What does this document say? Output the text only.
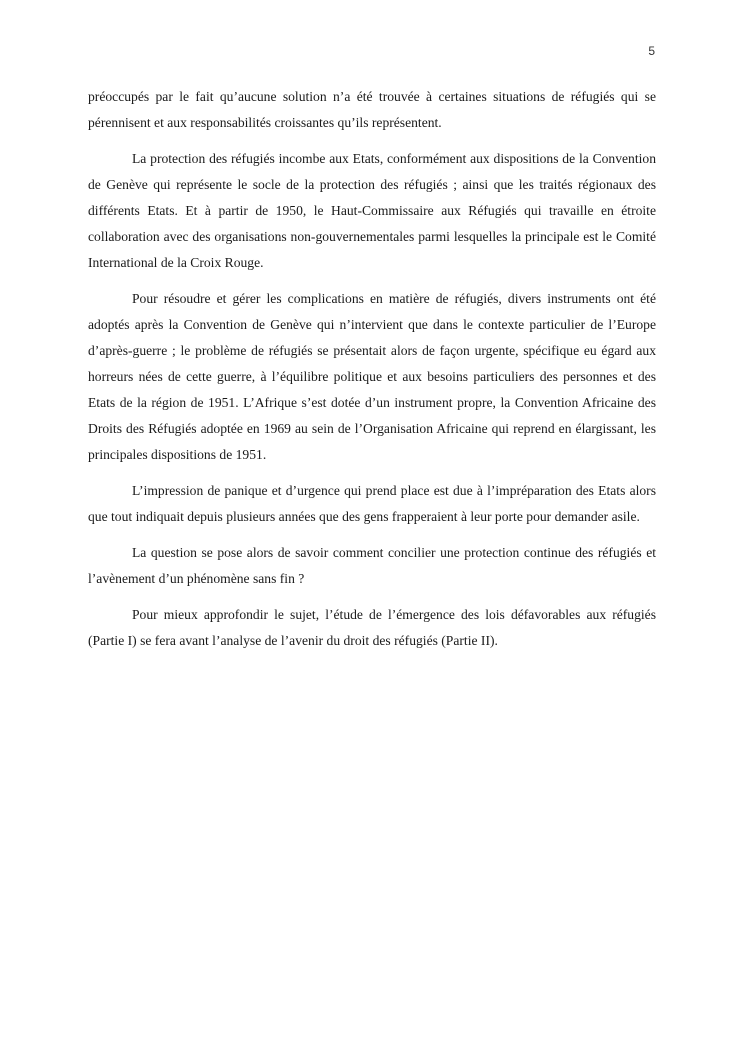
5

préoccupés par le fait qu’aucune solution n’a été trouvée à certaines situations de réfugiés qui se pérennisent et aux responsabilités croissantes qu’ils représentent.

La protection des réfugiés incombe aux Etats, conformément aux dispositions de la Convention de Genève qui représente le socle de la protection des réfugiés ; ainsi que les traités régionaux des différents Etats. Et à partir de 1950, le Haut-Commissaire aux Réfugiés qui travaille en étroite collaboration avec des organisations non-gouvernementales parmi lesquelles la principale est le Comité International de la Croix Rouge.

Pour résoudre et gérer les complications en matière de réfugiés, divers instruments ont été adoptés après la Convention de Genève qui n’intervient que dans le contexte particulier de l’Europe d’après-guerre ; le problème de réfugiés se présentait alors de façon urgente, spécifique eu égard aux horreurs nées de cette guerre, à l’équilibre politique et aux besoins particuliers des personnes et des Etats de la région de 1951. L’Afrique s’est dotée d’un instrument propre, la Convention Africaine des Droits des Réfugiés adoptée en 1969 au sein de l’Organisation Africaine qui reprend en élargissant, les principales dispositions de 1951.

L’impression de panique et d’urgence qui prend place est due à l’impréparation des Etats alors que tout indiquait depuis plusieurs années que des gens frapperaient à leur porte pour demander asile.

La question se pose alors de savoir comment concilier une protection continue des réfugiés et l’avènement d’un phénomène sans fin ?

Pour mieux approfondir le sujet, l’étude de l’émergence des lois défavorables aux réfugiés (Partie I) se fera avant l’analyse de l’avenir du droit des réfugiés (Partie II).
